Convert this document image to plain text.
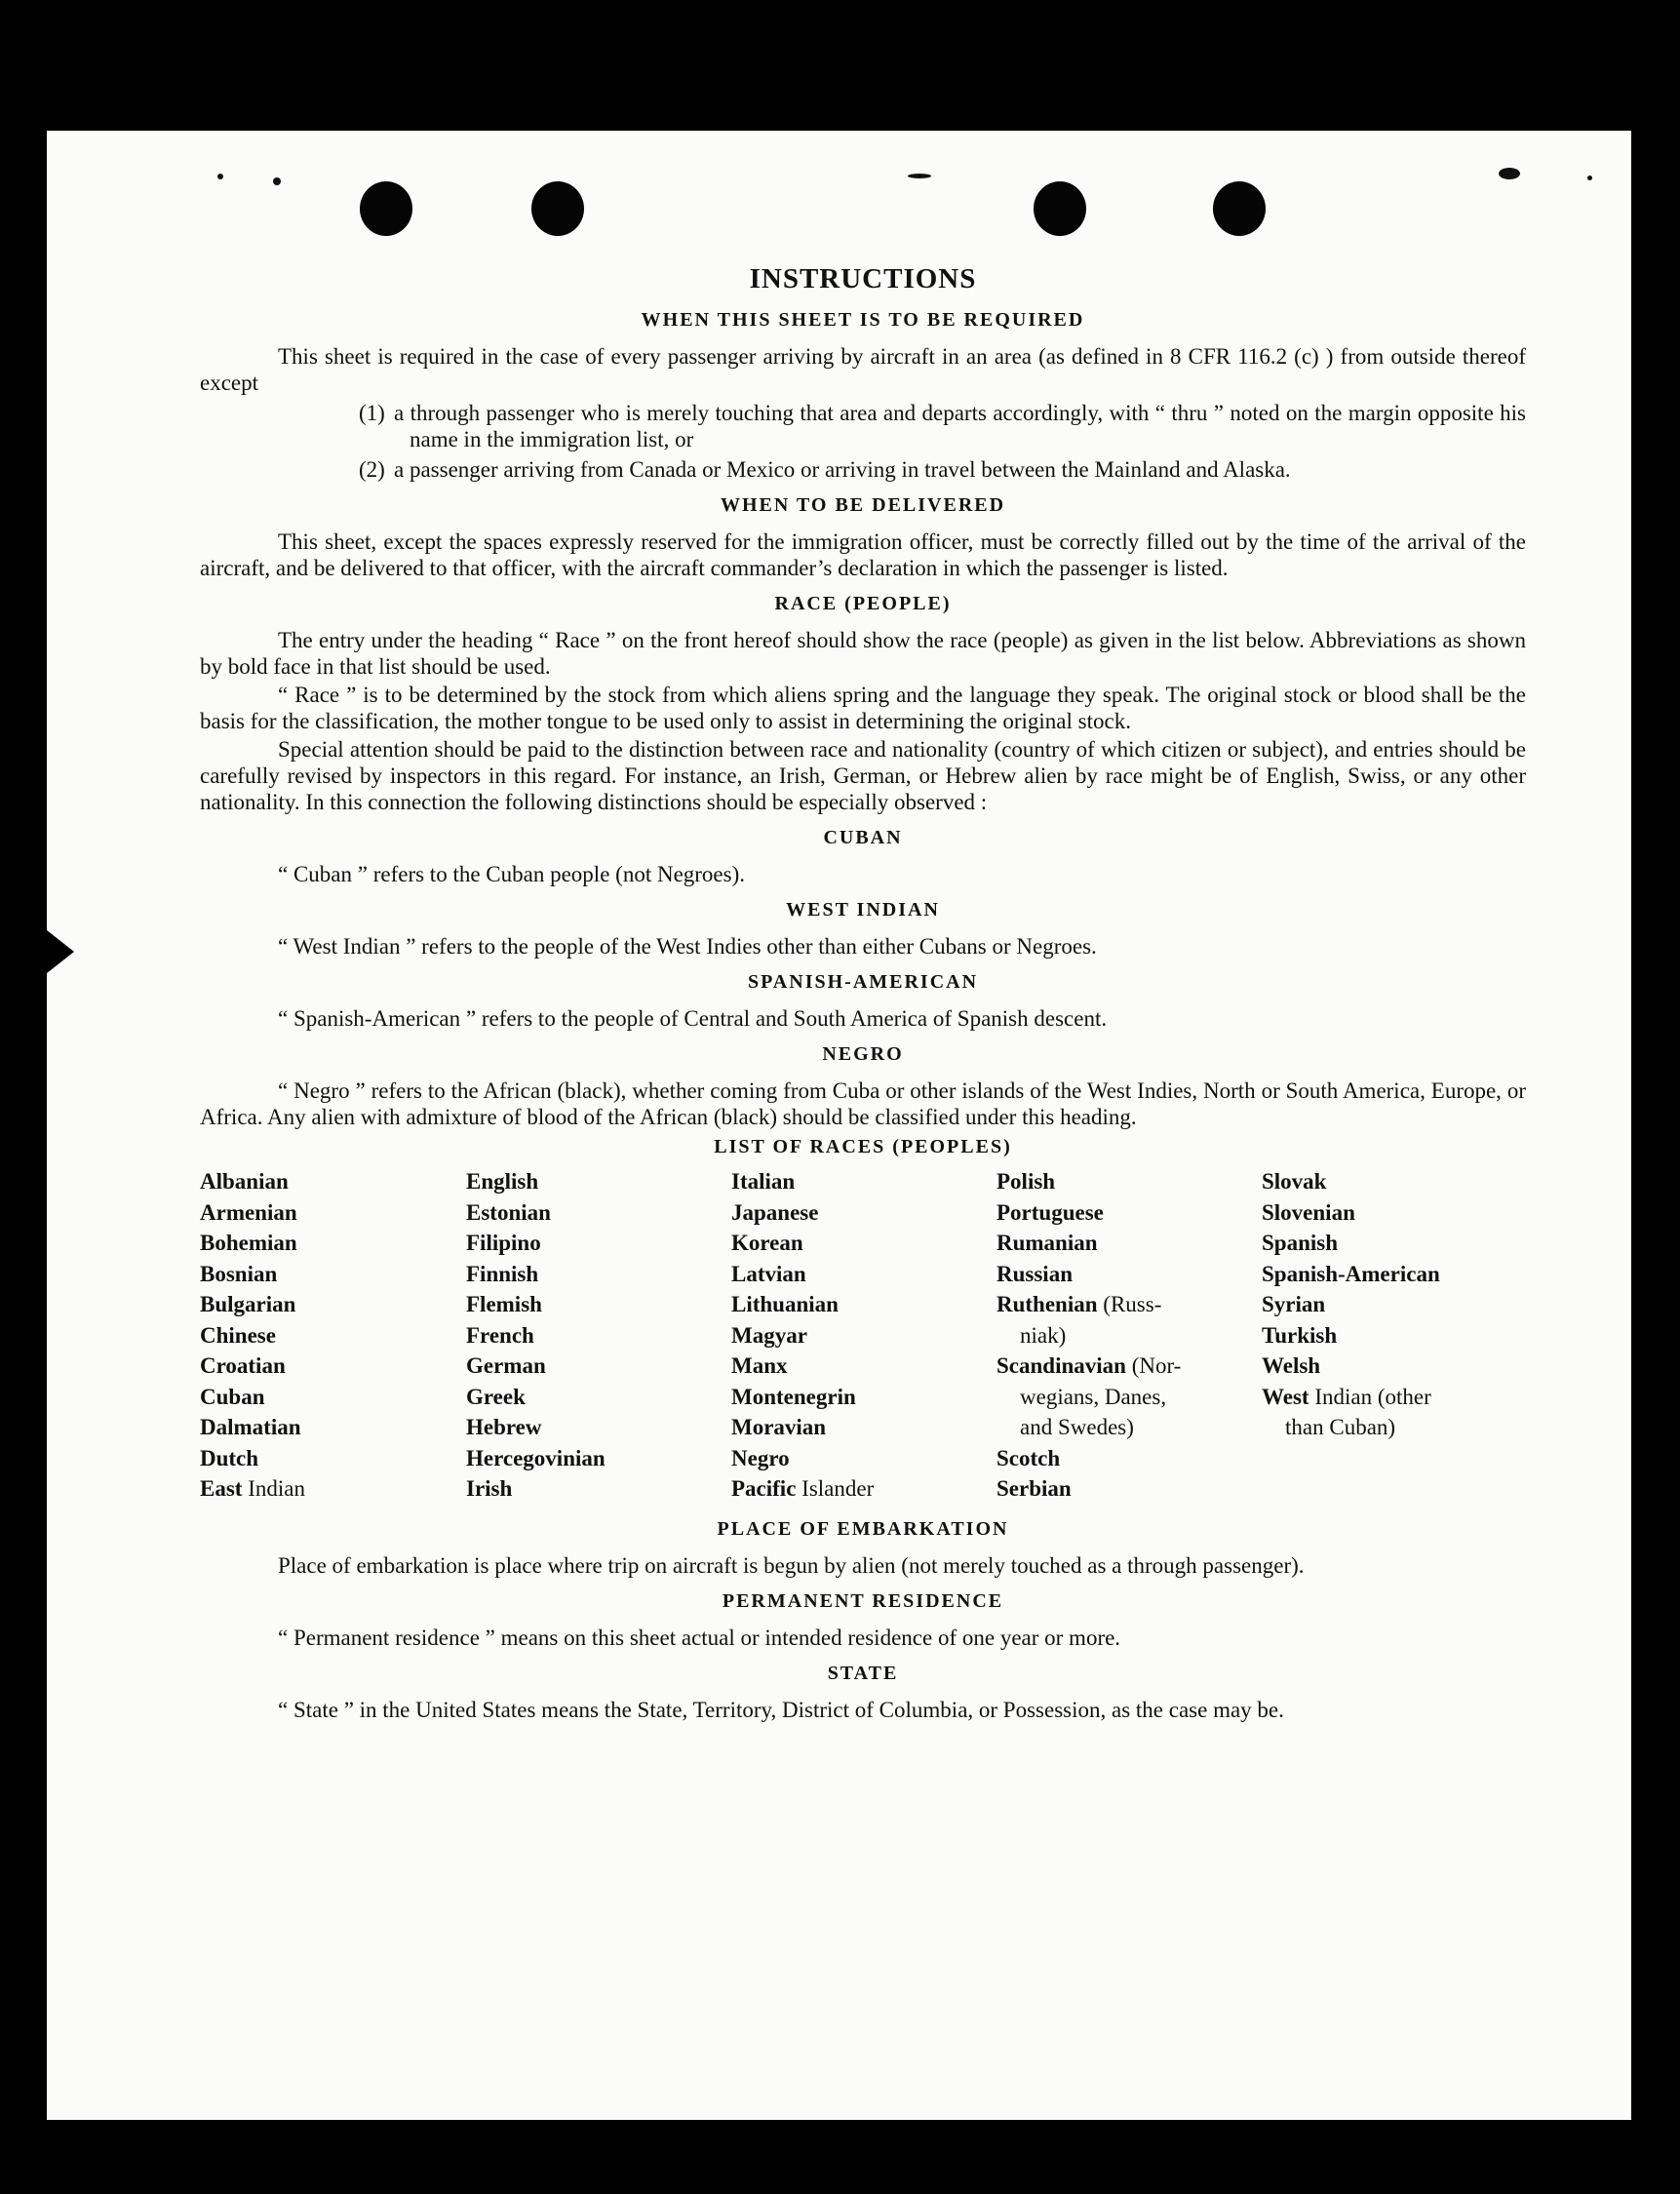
INSTRUCTIONS
WHEN THIS SHEET IS TO BE REQUIRED

This sheet is required in the case of every passenger arriving by aircraft in an area (as defined in 8 CFR 116.2 (c) ) from outside thereof except

(1) a through passenger who is merely touching that area and departs accordingly, with “ thru ” noted on the margin opposite his name in the immigration list, or
(2) a passenger arriving from Canada or Mexico or arriving in travel between the Mainland and Alaska.
WHEN TO BE DELIVERED

This sheet, except the spaces expressly reserved for the immigration officer, must be correctly filled out by the time of the arrival of the aircraft, and be delivered to that officer, with the aircraft commander’s declaration in which the passenger is listed.

RACE (PEOPLE)

The entry under the heading “ Race ” on the front hereof should show the race (people) as given in the list below. Abbreviations as shown by bold face in that list should be used.

“ Race ” is to be determined by the stock from which aliens spring and the language they speak. The original stock or blood shall be the basis for the classification, the mother tongue to be used only to assist in determining the original stock.

Special attention should be paid to the distinction between race and nationality (country of which citizen or subject), and entries should be carefully revised by inspectors in this regard. For instance, an Irish, German, or Hebrew alien by race might be of English, Swiss, or any other nationality. In this connection the following distinctions should be especially observed :

CUBAN

“ Cuban ” refers to the Cuban people (not Negroes).

WEST INDIAN

“ West Indian ” refers to the people of the West Indies other than either Cubans or Negroes.

SPANISH-AMERICAN

“ Spanish-American ” refers to the people of Central and South America of Spanish descent.

NEGRO

“ Negro ” refers to the African (black), whether coming from Cuba or other islands of the West Indies, North or South America, Europe, or Africa. Any alien with admixture of blood of the African (black) should be classified under this heading.

LIST OF RACES (PEOPLES)
Albanian
Armenian
Bohemian
Bosnian
Bulgarian
Chinese
Croatian
Cuban
Dalmatian
Dutch
East Indian
English
Estonian
Filipino
Finnish
Flemish
French
German
Greek
Hebrew
Hercegovinian
Irish
Italian
Japanese
Korean
Latvian
Lithuanian
Magyar
Manx
Montenegrin
Moravian
Negro
Pacific Islander
Polish
Portuguese
Rumanian
Russian
Ruthenian (Russ-
niak)
Scandinavian (Nor-
wegians, Danes,
and Swedes)
Scotch
Serbian
Slovak
Slovenian
Spanish
Spanish-American
Syrian
Turkish
Welsh
West Indian (other
than Cuban)
PLACE OF EMBARKATION

Place of embarkation is place where trip on aircraft is begun by alien (not merely touched as a through passenger).

PERMANENT RESIDENCE

“ Permanent residence ” means on this sheet actual or intended residence of one year or more.

STATE

“ State ” in the United States means the State, Territory, District of Columbia, or Possession, as the case may be.
